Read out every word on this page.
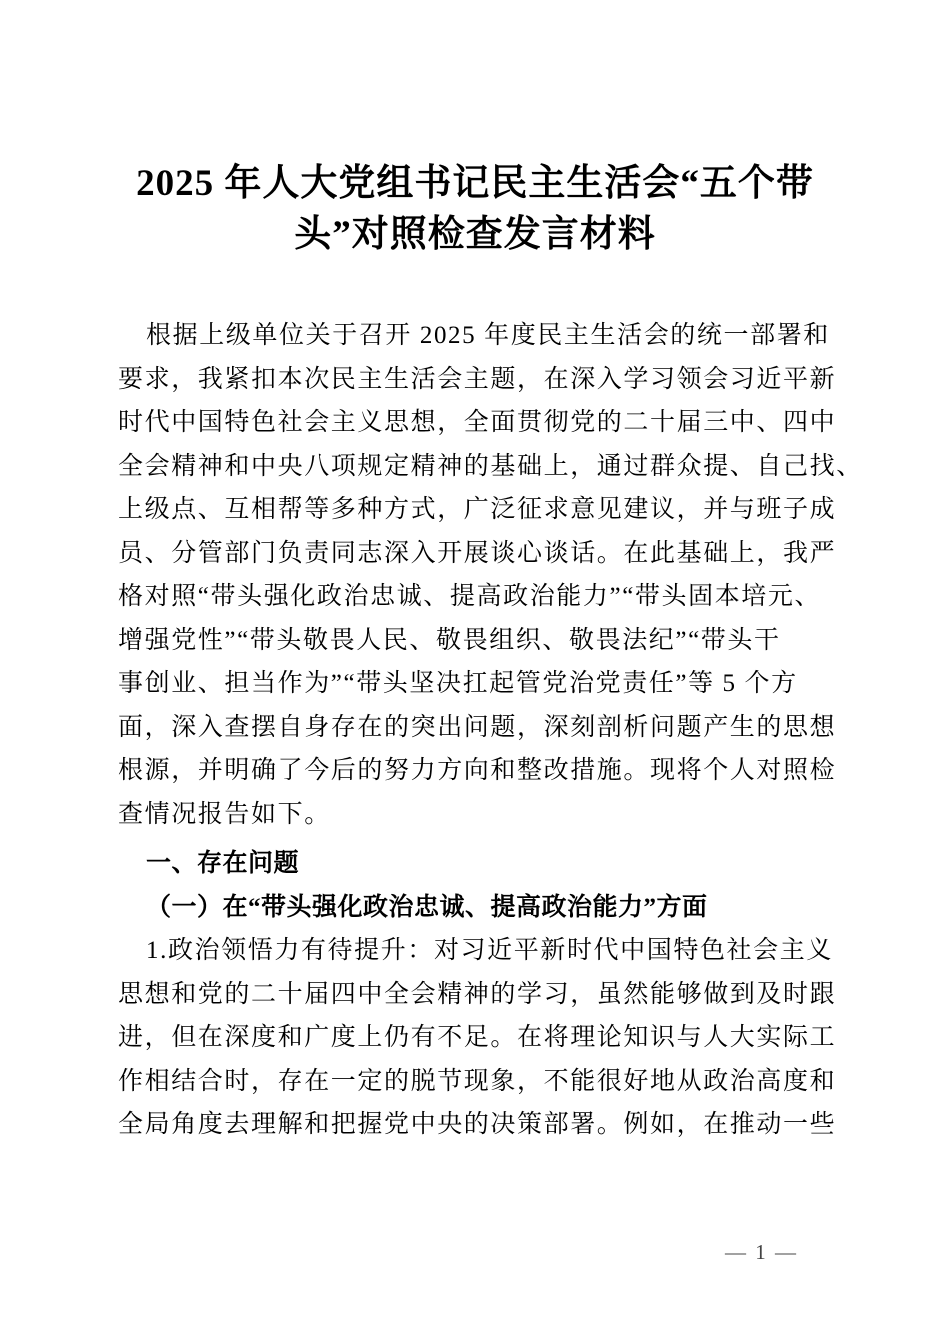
2025 年人大党组书记民主生活会“五个带
头”对照检查发言材料
根据上级单位关于召开 2025 年度民主生活会的统一部署和
要求，我紧扣本次民主生活会主题，在深入学习领会习近平新
时代中国特色社会主义思想，全面贯彻党的二十届三中、四中
全会精神和中央八项规定精神的基础上，通过群众提、自己找、
上级点、互相帮等多种方式，广泛征求意见建议，并与班子成
员、分管部门负责同志深入开展谈心谈话。在此基础上，我严
格对照“带头强化政治忠诚、提高政治能力”“带头固本培元、
增强党性”“带头敬畏人民、敬畏组织、敬畏法纪”“带头干
事创业、担当作为”“带头坚决扛起管党治党责任”等 5 个方
面，深入查摆自身存在的突出问题，深刻剖析问题产生的思想
根源，并明确了今后的努力方向和整改措施。现将个人对照检
查情况报告如下。
一、存在问题
（一）在“带头强化政治忠诚、提高政治能力”方面
1.政治领悟力有待提升：对习近平新时代中国特色社会主义
思想和党的二十届四中全会精神的学习，虽然能够做到及时跟
进，但在深度和广度上仍有不足。在将理论知识与人大实际工
作相结合时，存在一定的脱节现象，不能很好地从政治高度和
全局角度去理解和把握党中央的决策部署。例如，在推动一些
— 1 —
